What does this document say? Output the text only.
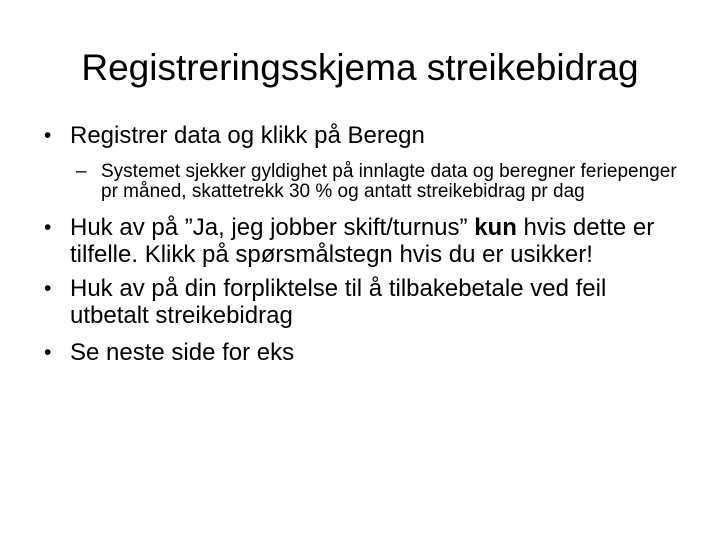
Registreringsskjema streikebidrag
• Registrer data og klikk på Beregn
– Systemet sjekker gyldighet på innlagte data og beregner feriepenger pr måned, skattetrekk 30 % og antatt streikebidrag pr dag
• Huk av på ”Ja, jeg jobber skift/turnus” kun hvis dette er tilfelle. Klikk på spørsmålstegn hvis du er usikker!
• Huk av på din forpliktelse til å tilbakebetale ved feil utbetalt streikebidrag
• Se neste side for eks
